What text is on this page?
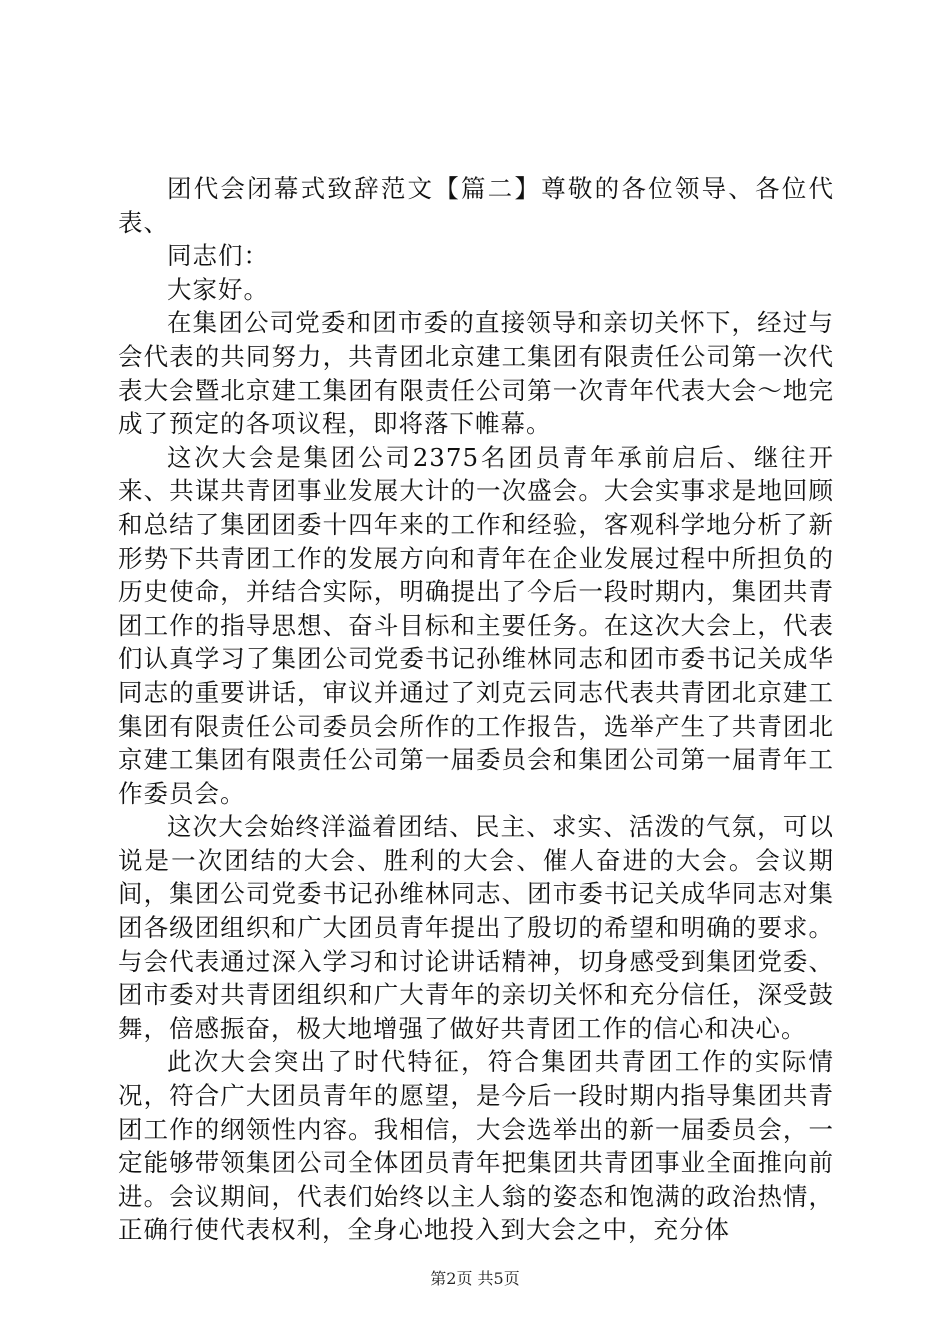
团代会闭幕式致辞范文【篇二】尊敬的各位领导、各位代表、

同志们：

大家好。

在集团公司党委和团市委的直接领导和亲切关怀下，经过与会代表的共同努力，共青团北京建工集团有限责任公司第一次代表大会暨北京建工集团有限责任公司第一次青年代表大会～地完成了预定的各项议程，即将落下帷幕。

这次大会是集团公司2375名团员青年承前启后、继往开来、共谋共青团事业发展大计的一次盛会。大会实事求是地回顾和总结了集团团委十四年来的工作和经验，客观科学地分析了新形势下共青团工作的发展方向和青年在企业发展过程中所担负的历史使命，并结合实际，明确提出了今后一段时期内，集团共青团工作的指导思想、奋斗目标和主要任务。在这次大会上，代表们认真学习了集团公司党委书记孙维林同志和团市委书记关成华同志的重要讲话，审议并通过了刘克云同志代表共青团北京建工集团有限责任公司委员会所作的工作报告，选举产生了共青团北京建工集团有限责任公司第一届委员会和集团公司第一届青年工作委员会。

这次大会始终洋溢着团结、民主、求实、活泼的气氛，可以说是一次团结的大会、胜利的大会、催人奋进的大会。会议期间，集团公司党委书记孙维林同志、团市委书记关成华同志对集团各级团组织和广大团员青年提出了殷切的希望和明确的要求。与会代表通过深入学习和讨论讲话精神，切身感受到集团党委、团市委对共青团组织和广大青年的亲切关怀和充分信任，深受鼓舞，倍感振奋，极大地增强了做好共青团工作的信心和决心。

此次大会突出了时代特征，符合集团共青团工作的实际情况，符合广大团员青年的愿望，是今后一段时期内指导集团共青团工作的纲领性内容。我相信，大会选举出的新一届委员会，一定能够带领集团公司全体团员青年把集团共青团事业全面推向前进。会议期间，代表们始终以主人翁的姿态和饱满的政治热情，正确行使代表权利，全身心地投入到大会之中，充分体

第2页 共5页
